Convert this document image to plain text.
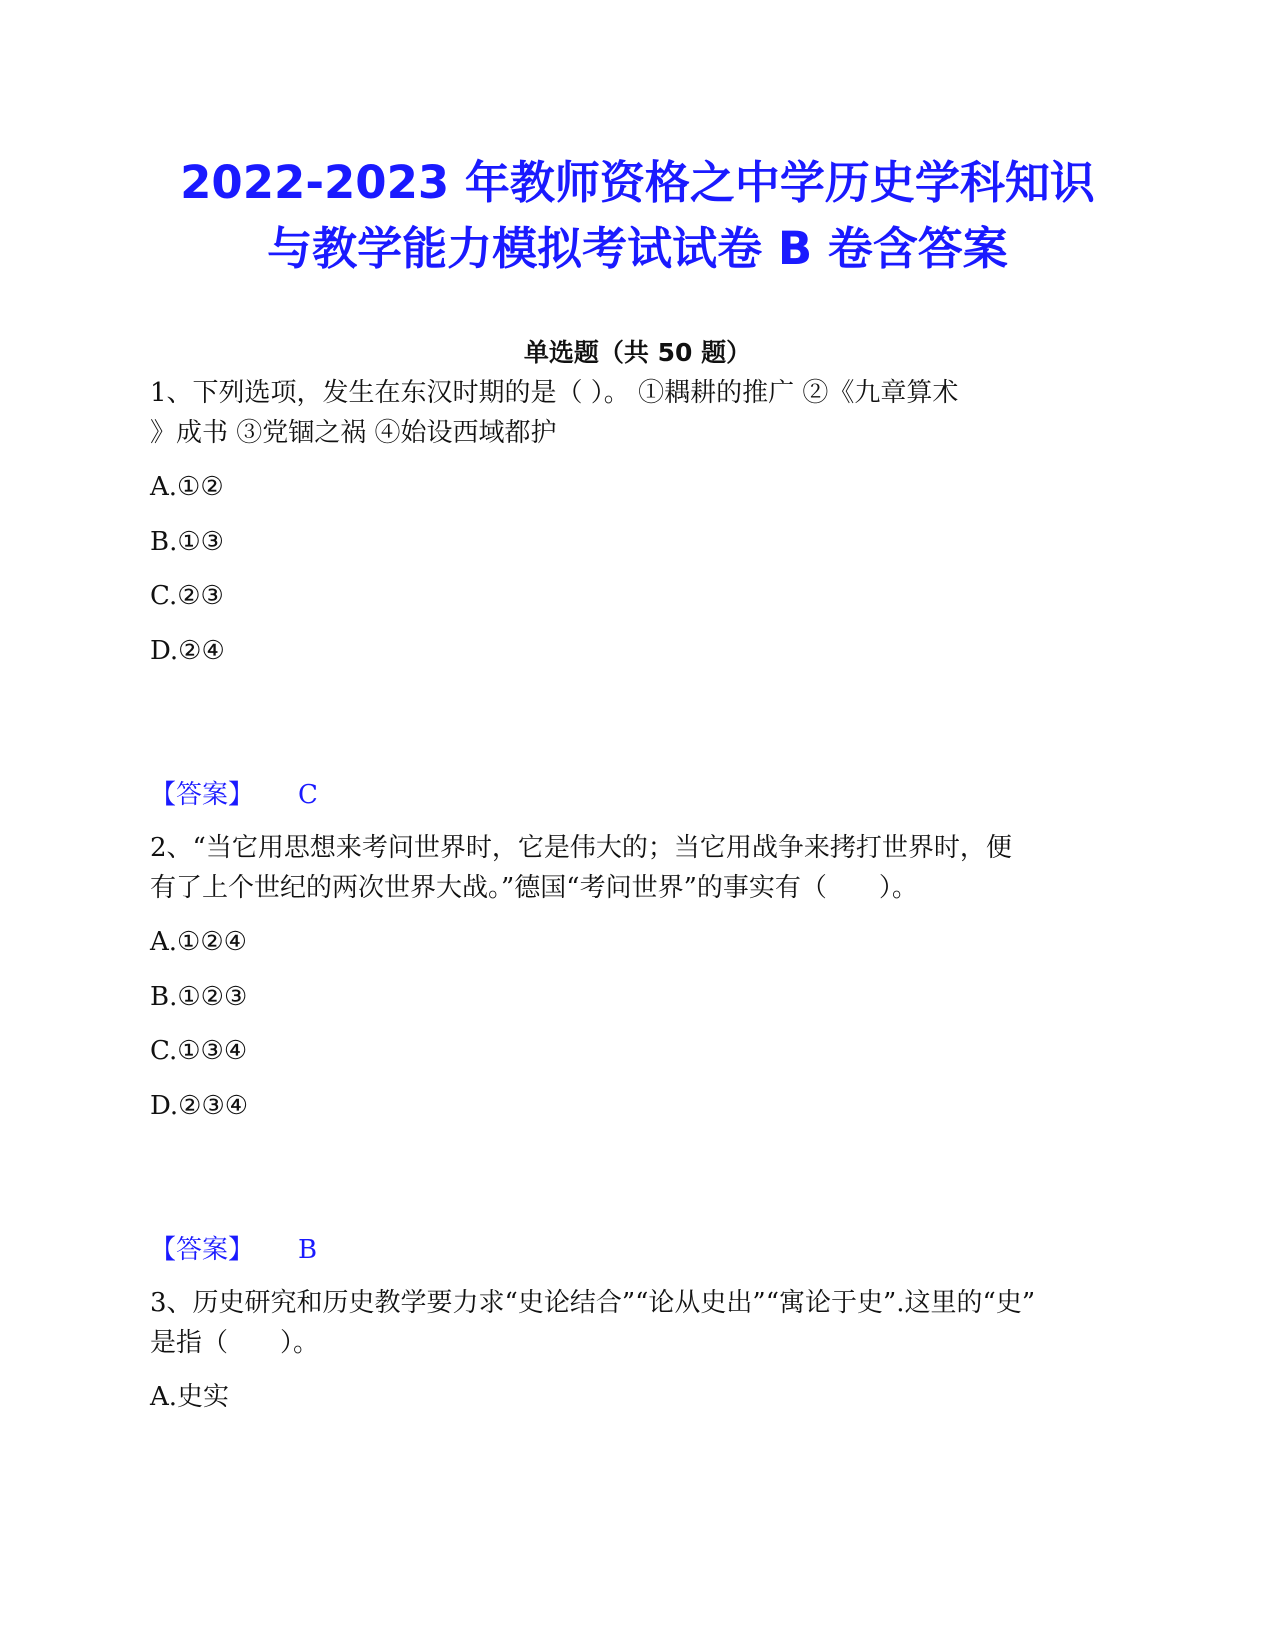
2022-2023 年教师资格之中学历史学科知识
与教学能力模拟考试试卷 B 卷含答案
单选题（共 50 题）
1、下列选项，发生在东汉时期的是（ ）。 ①耦耕的推广 ②《九章算术
》成书 ③党锢之祸 ④始设西域都护
A.①②
B.①③
C.②③
D.②④
【答案】 C
2、“当它用思想来考问世界时，它是伟大的；当它用战争来拷打世界时，便
有了上个世纪的两次世界大战。”德国“考问世界”的事实有（　　）。
A.①②④
B.①②③
C.①③④
D.②③④
【答案】 B
3、历史研究和历史教学要力求“史论结合”“论从史出”“寓论于史”.这里的“史”
是指（　　）。
A.史实
